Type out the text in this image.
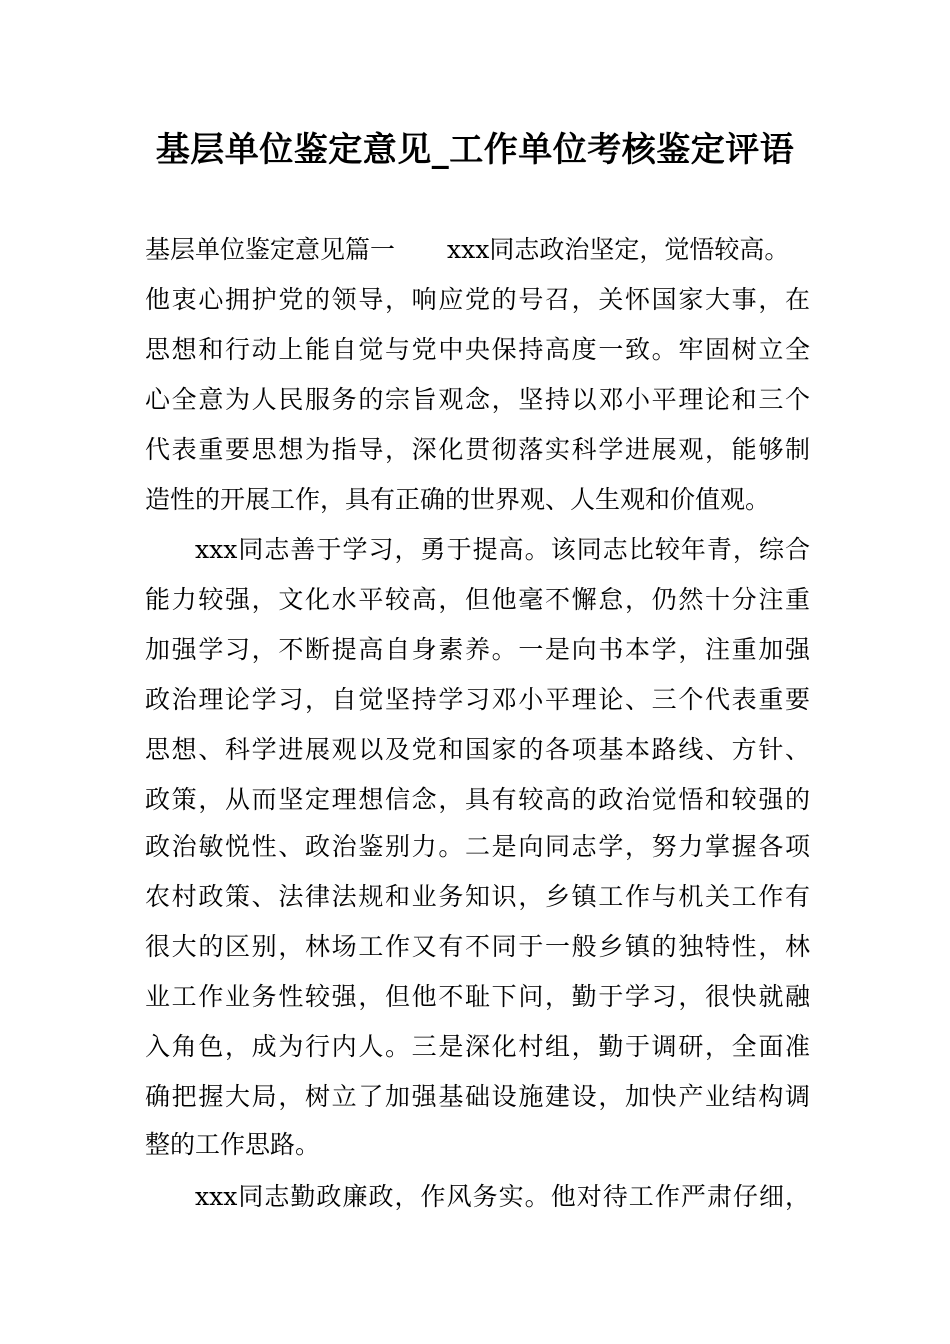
基层单位鉴定意见_工作单位考核鉴定评语
基层单位鉴定意见篇一 xxx同志政治坚定，觉悟较高。
他衷心拥护党的领导，响应党的号召，关怀国家大事，在
思想和行动上能自觉与党中央保持高度一致。牢固树立全
心全意为人民服务的宗旨观念，坚持以邓小平理论和三个
代表重要思想为指导，深化贯彻落实科学进展观，能够制
造性的开展工作，具有正确的世界观、人生观和价值观。
xxx同志善于学习，勇于提高。该同志比较年青，综合
能力较强，文化水平较高，但他毫不懈怠，仍然十分注重
加强学习，不断提高自身素养。一是向书本学，注重加强
政治理论学习，自觉坚持学习邓小平理论、三个代表重要
思想、科学进展观以及党和国家的各项基本路线、方针、
政策，从而坚定理想信念，具有较高的政治觉悟和较强的
政治敏悦性、政治鉴别力。二是向同志学，努力掌握各项
农村政策、法律法规和业务知识，乡镇工作与机关工作有
很大的区别，林场工作又有不同于一般乡镇的独特性，林
业工作业务性较强，但他不耻下问，勤于学习，很快就融
入角色，成为行内人。三是深化村组，勤于调研，全面准
确把握大局，树立了加强基础设施建设，加快产业结构调
整的工作思路。
xxx同志勤政廉政，作风务实。他对待工作严肃仔细，
